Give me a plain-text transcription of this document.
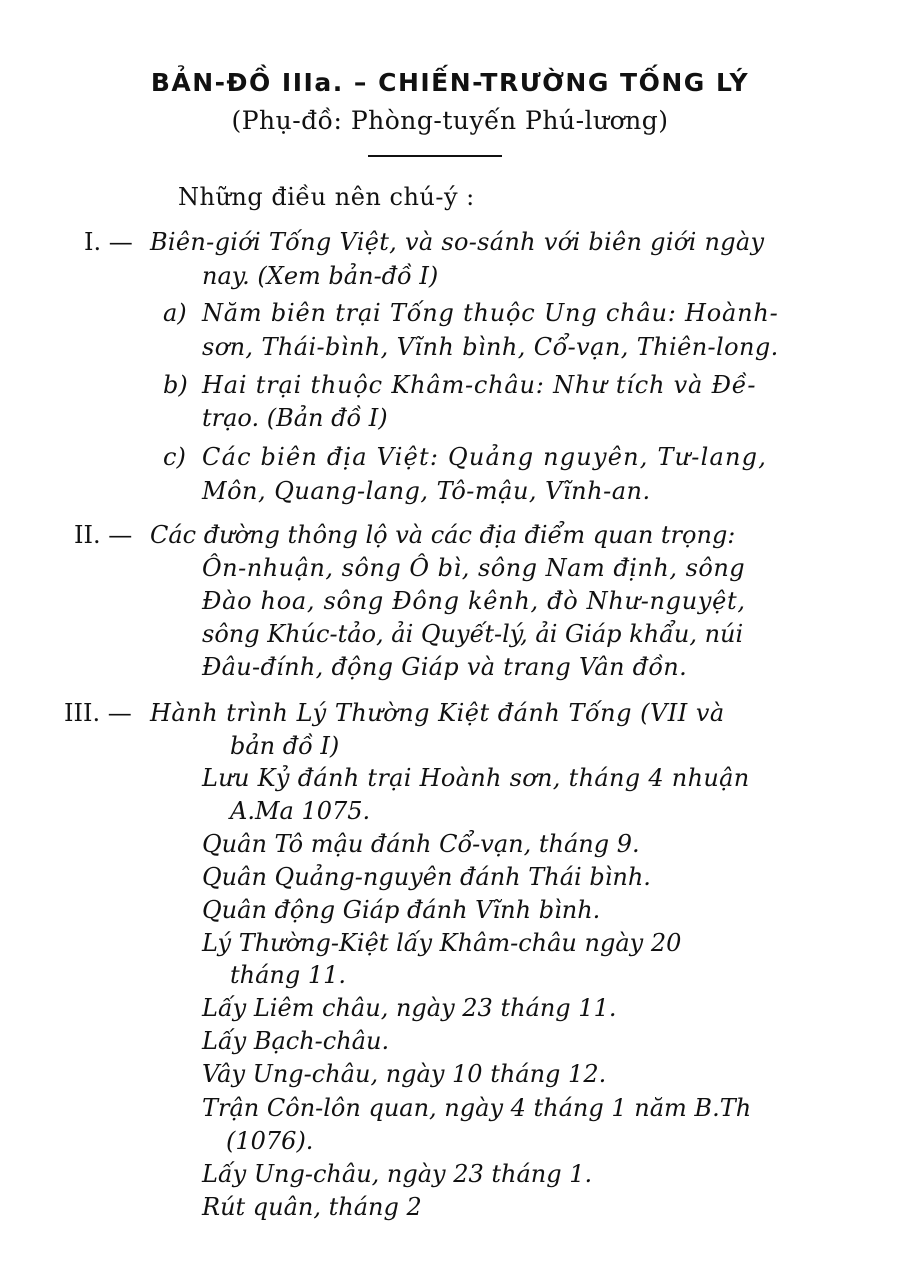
BẢN-ĐỒ IIIa. – CHIẾN-TRƯỜNG TỐNG LÝ
(Phụ-đồ: Phòng-tuyến Phú-lương)
Những điều nên chú-ý :
I. — Biên-giới Tống Việt, và so-sánh với biên giới ngày
nay. (Xem bản-đồ I)
a) Năm biên trại Tống thuộc Ung châu: Hoành-
sơn, Thái-bình, Vĩnh bình, Cổ-vạn, Thiên-long.
b) Hai trại thuộc Khâm-châu: Như tích và Đề-
trạo. (Bản đồ I)
c) Các biên địa Việt: Quảng nguyên, Tư-lang,
Môn, Quang-lang, Tô-mậu, Vĩnh-an.
II. — Các đường thông lộ và các địa điểm quan trọng:
Ôn-nhuận, sông Ô bì, sông Nam định, sông
Đào hoa, sông Đông kênh, đò Như-nguyệt,
sông Khúc-tảo, ải Quyết-lý, ải Giáp khẩu, núi
Đâu-đính, động Giáp và trang Vân đồn.
III. — Hành trình Lý Thường Kiệt đánh Tống (VII và
bản đồ I)
Lưu Kỷ đánh trại Hoành sơn, tháng 4 nhuận
A.Ma 1075.
Quân Tô mậu đánh Cổ-vạn, tháng 9.
Quân Quảng-nguyên đánh Thái bình.
Quân động Giáp đánh Vĩnh bình.
Lý Thường-Kiệt lấy Khâm-châu ngày 20
tháng 11.
Lấy Liêm châu, ngày 23 tháng 11.
Lấy Bạch-châu.
Vây Ung-châu, ngày 10 tháng 12.
Trận Côn-lôn quan, ngày 4 tháng 1 năm B.Th
(1076).
Lấy Ung-châu, ngày 23 tháng 1.
Rút quân, tháng 2
